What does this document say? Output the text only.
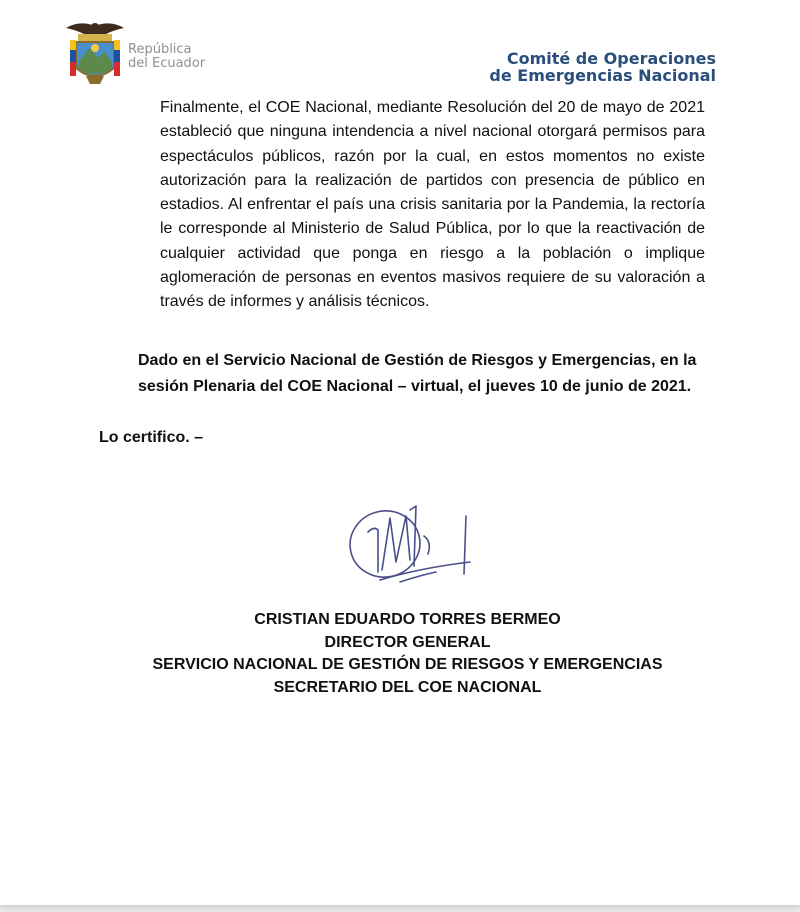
República
del Ecuador	Comité de Operaciones
de Emergencias Nacional

Finalmente, el COE Nacional, mediante Resolución del 20 de mayo de 2021 estableció que ninguna intendencia a nivel nacional otorgará permisos para espectáculos públicos, razón por la cual, en estos momentos no existe autorización para la realización de partidos con presencia de público en estadios. Al enfrentar el país una crisis sanitaria por la Pandemia, la rectoría le corresponde al Ministerio de Salud Pública, por lo que la reactivación de cualquier actividad que ponga en riesgo a la población o implique aglomeración de personas en eventos masivos requiere de su valoración a través de informes y análisis técnicos.

Dado en el Servicio Nacional de Gestión de Riesgos y Emergencias, en la sesión Plenaria del COE Nacional – virtual, el jueves 10 de junio de 2021.

Lo certifico. –

CRISTIAN EDUARDO TORRES BERMEO
DIRECTOR GENERAL
SERVICIO NACIONAL DE GESTIÓN DE RIESGOS Y EMERGENCIAS
SECRETARIO DEL COE NACIONAL
